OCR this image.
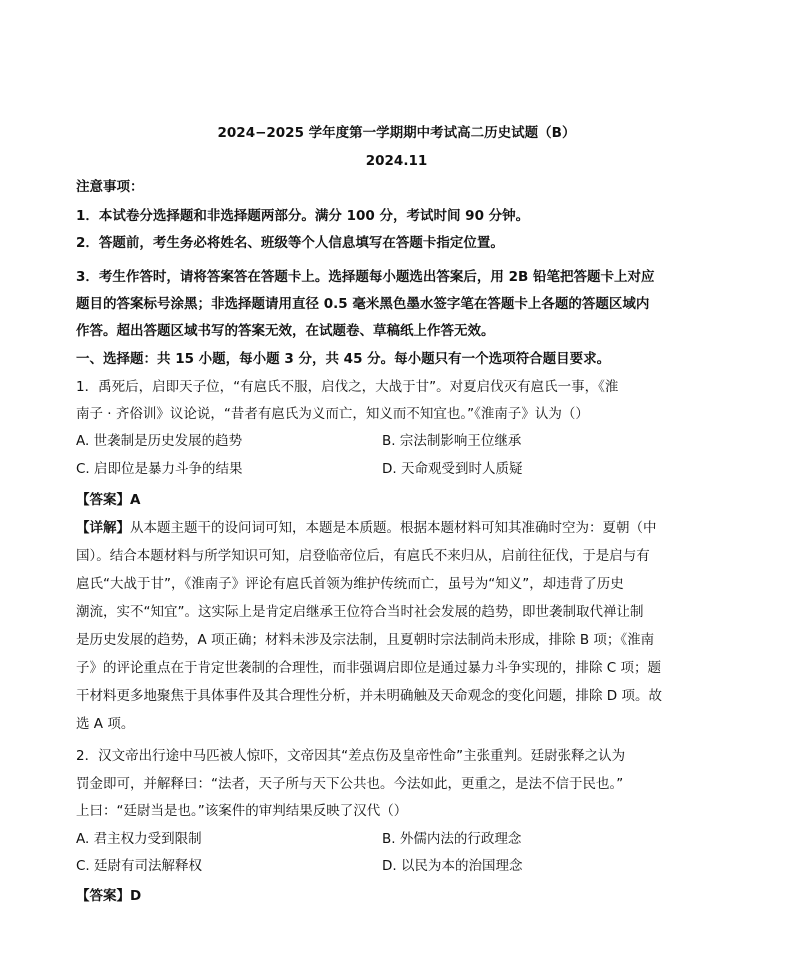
2024−2025 学年度第一学期期中考试高二历史试题（B）
2024.11
注意事项：
1．本试卷分选择题和非选择题两部分。满分 100 分，考试时间 90 分钟。
2．答题前，考生务必将姓名、班级等个人信息填写在答题卡指定位置。
3．考生作答时，请将答案答在答题卡上。选择题每小题选出答案后，用 2B 铅笔把答题卡上对应
题目的答案标号涂黑；非选择题请用直径 0.5 毫米黑色墨水签字笔在答题卡上各题的答题区域内
作答。超出答题区域书写的答案无效，在试题卷、草稿纸上作答无效。
一、选择题：共 15 小题，每小题 3 分，共 45 分。每小题只有一个选项符合题目要求。
1．禹死后，启即天子位，“有扈氏不服，启伐之，大战于甘”。对夏启伐灭有扈氏一事，《淮
南子 · 齐俗训》议论说，“昔者有扈氏为义而亡，知义而不知宜也。”《淮南子》认为（）
A. 世袭制是历史发展的趋势	B. 宗法制影响王位继承
C. 启即位是暴力斗争的结果	D. 天命观受到时人质疑
【答案】A
【详解】从本题主题干的设问词可知，本题是本质题。根据本题材料可知其准确时空为：夏朝（中
国）。结合本题材料与所学知识可知，启登临帝位后，有扈氏不来归从，启前往征伐，于是启与有
扈氏“大战于甘”，《淮南子》评论有扈氏首领为维护传统而亡，虽号为“知义”，却违背了历史
潮流，实不“知宜”。这实际上是肯定启继承王位符合当时社会发展的趋势，即世袭制取代禅让制
是历史发展的趋势，A 项正确；材料未涉及宗法制，且夏朝时宗法制尚未形成，排除 B 项；《淮南
子》的评论重点在于肯定世袭制的合理性，而非强调启即位是通过暴力斗争实现的，排除 C 项；题
干材料更多地聚焦于具体事件及其合理性分析，并未明确触及天命观念的变化问题，排除 D 项。故
选 A 项。
2．汉文帝出行途中马匹被人惊吓，文帝因其“差点伤及皇帝性命”主张重判。廷尉张释之认为
罚金即可，并解释曰：“法者，天子所与天下公共也。今法如此，更重之，是法不信于民也。”
上曰：“廷尉当是也。”该案件的审判结果反映了汉代（）
A. 君主权力受到限制	B. 外儒内法的行政理念
C. 廷尉有司法解释权	D. 以民为本的治国理念
【答案】D
